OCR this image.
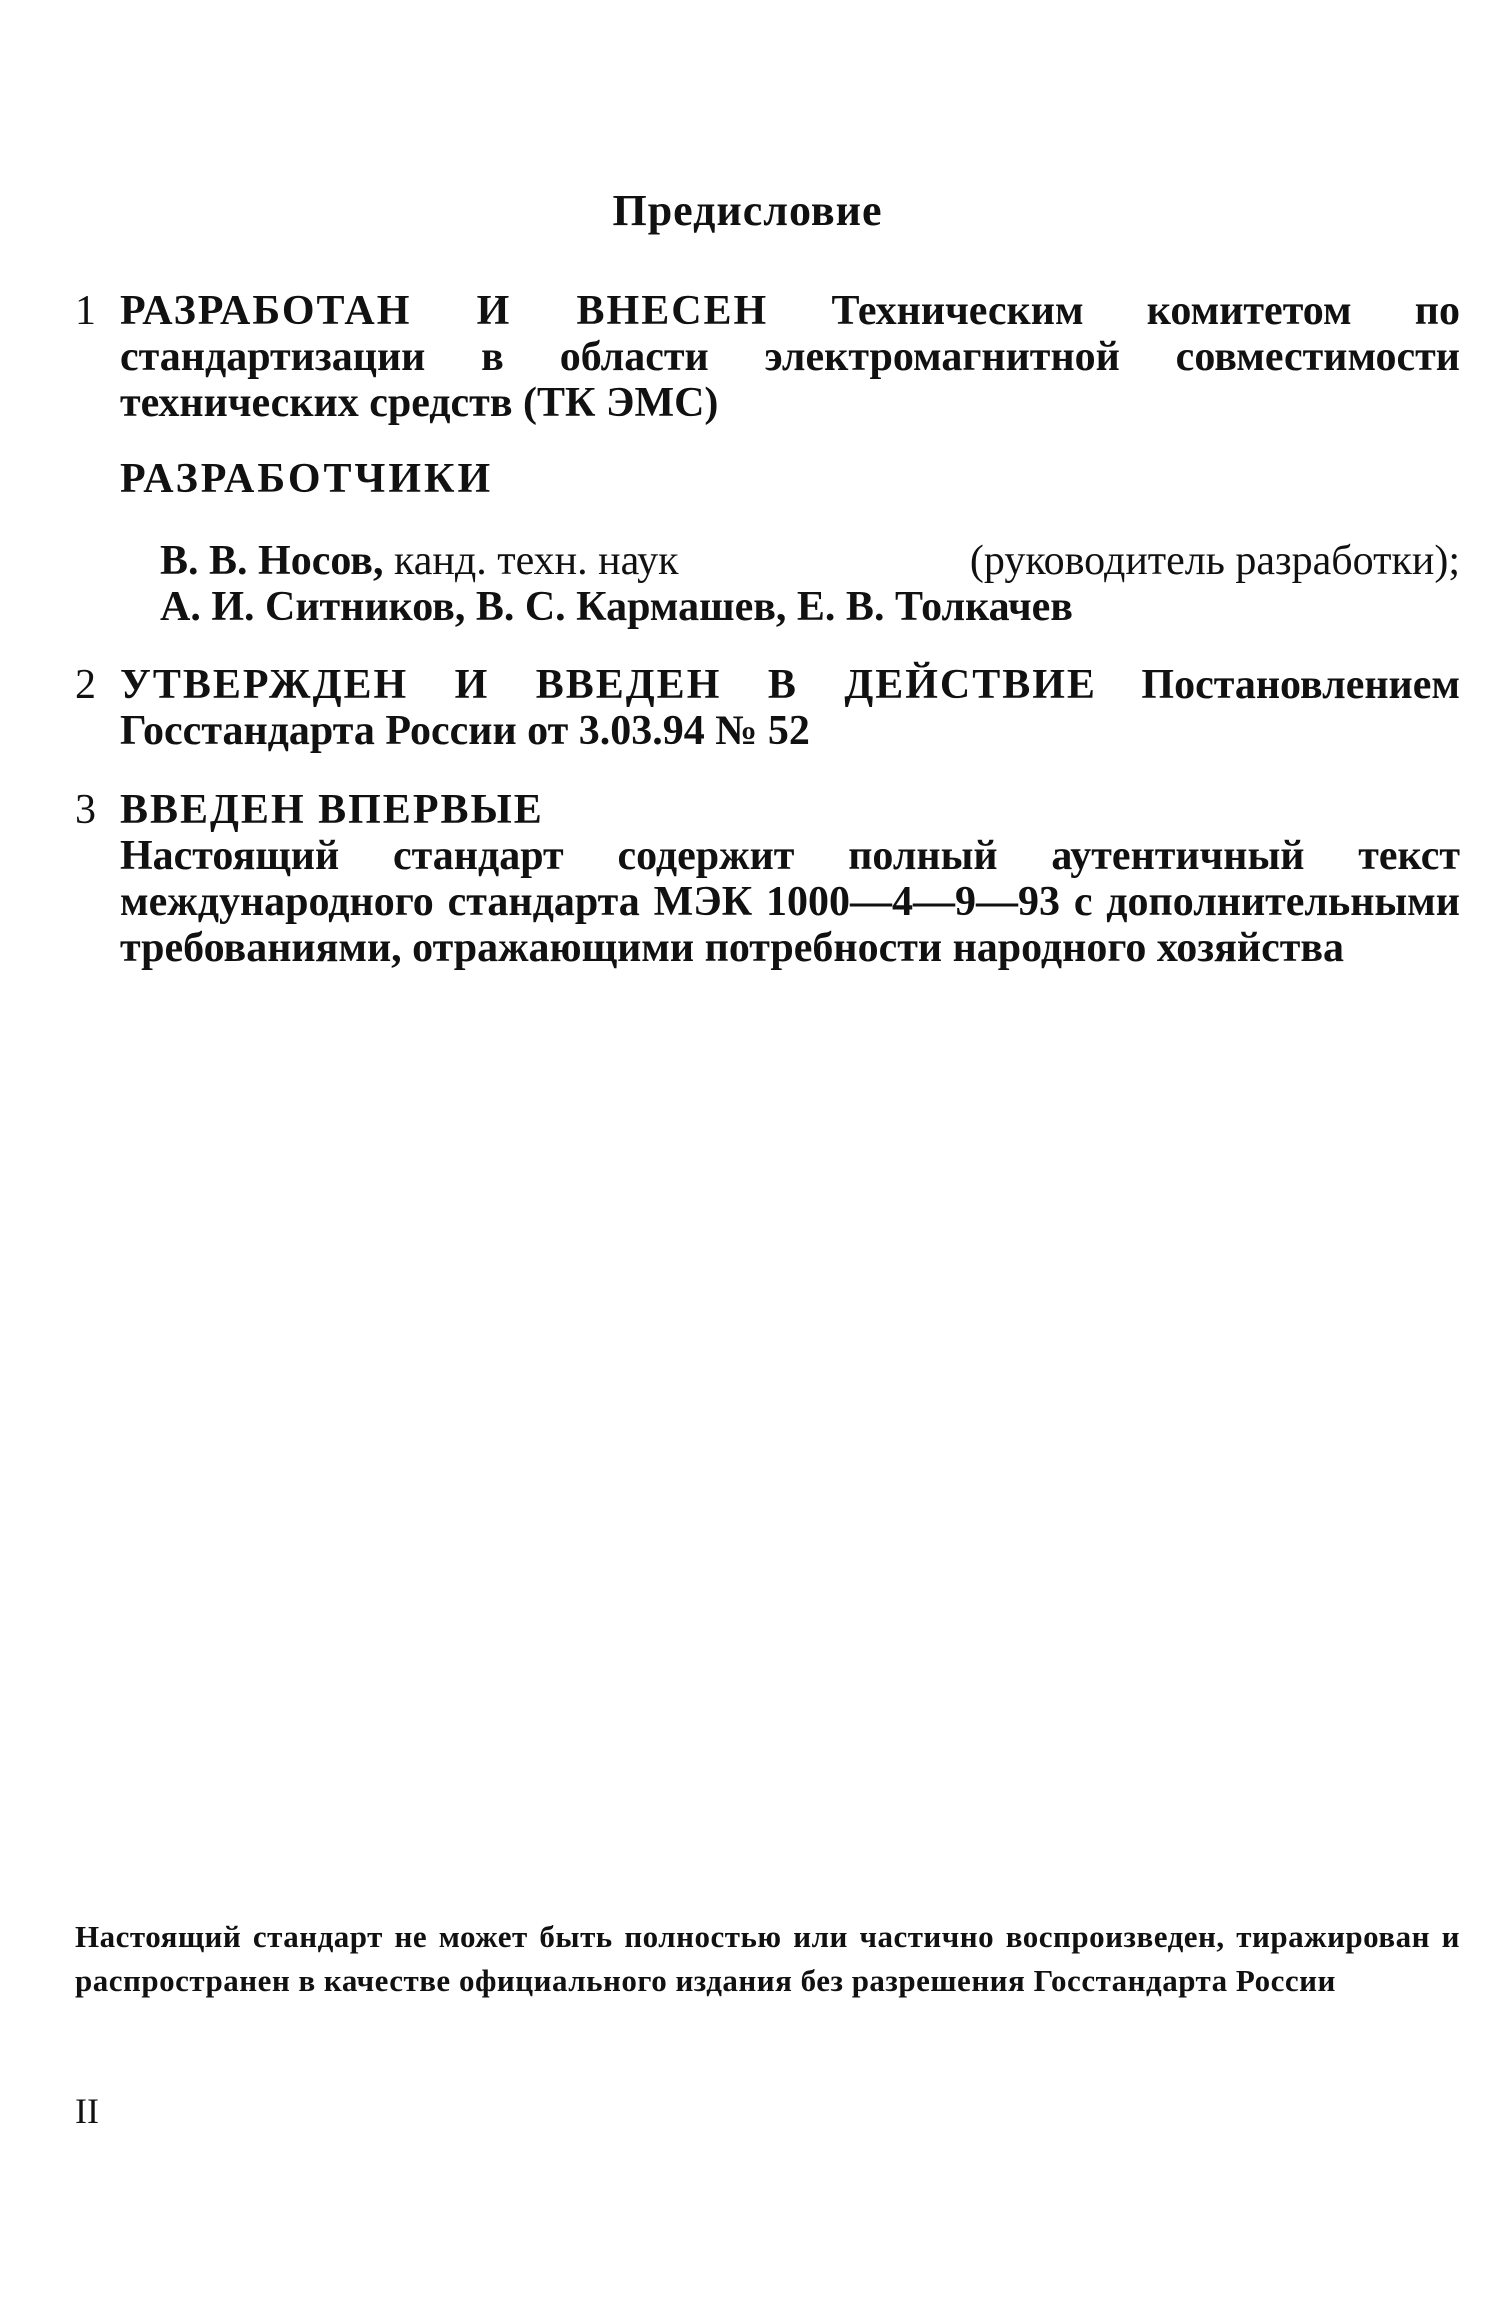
Предисловие
1 РАЗРАБОТАН И ВНЕСЕН Техническим комитетом по стандартизации в области электромагнитной совместимости технических средств (ТК ЭМС)
РАЗРАБОТЧИКИ
В. В. Носов, канд. техн. наук	(руководитель разработки);
А. И. Ситников, В. С. Кармашев, Е. В. Толкачев
2 УТВЕРЖДЕН И ВВЕДЕН В ДЕЙСТВИЕ Постановлением Госстандарта России от 3.03.94 № 52
3 ВВЕДЕН ВПЕРВЫЕ
Настоящий стандарт содержит полный аутентичный текст международного стандарта МЭК 1000—4—9—93 с дополнительными требованиями, отражающими потребности народного хозяйства
Настоящий стандарт не может быть полностью или частично воспроизведен, тиражирован и распространен в качестве официального издания без разрешения Госстандарта России
II
